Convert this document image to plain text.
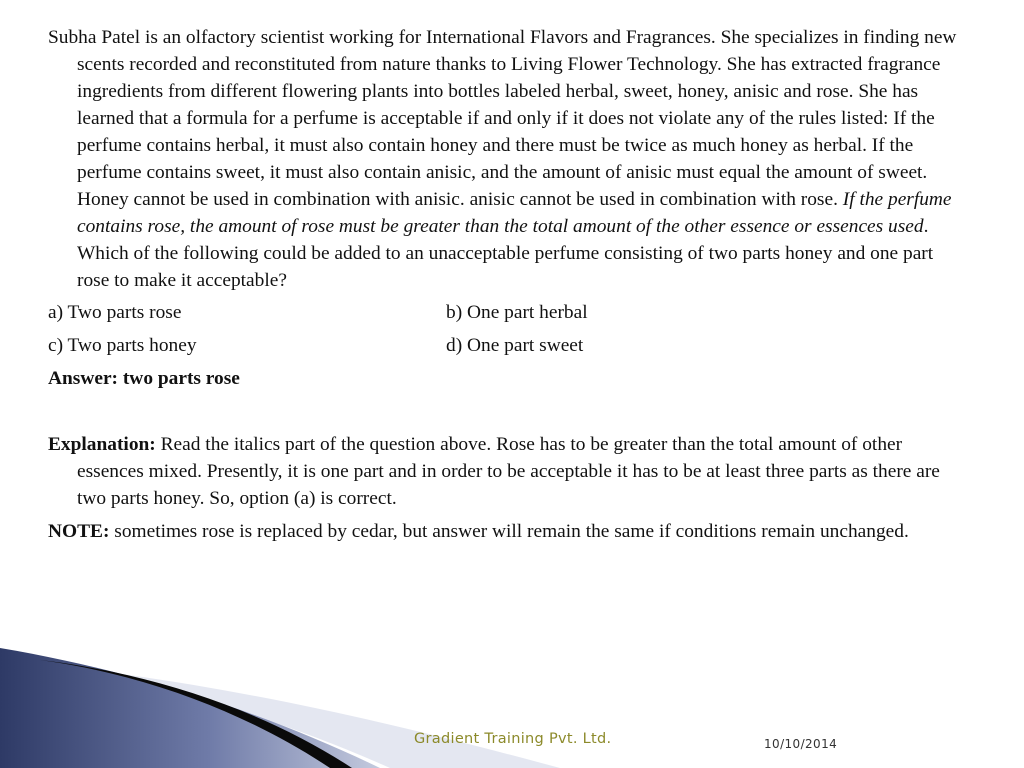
Subha Patel is an olfactory scientist working for International Flavors and Fragrances. She specializes in finding new scents recorded and reconstituted from nature thanks to Living Flower Technology. She has extracted fragrance ingredients from different flowering plants into bottles labeled herbal, sweet, honey, anisic and rose. She has learned that a formula for a perfume is acceptable if and only if it does not violate any of the rules listed: If the perfume contains herbal, it must also contain honey and there must be twice as much honey as herbal. If the perfume contains sweet, it must also contain anisic, and the amount of anisic must equal the amount of sweet. Honey cannot be used in combination with anisic. anisic cannot be used in combination with rose. If the perfume contains rose, the amount of rose must be greater than the total amount of the other essence or essences used. Which of the following could be added to an unacceptable perfume consisting of two parts honey and one part rose to make it acceptable?

a) Two parts rose	b) One part herbal
c) Two parts honey	d) One part sweet

Answer: two parts rose

Explanation: Read the italics part of the question above. Rose has to be greater than the total amount of other essences mixed. Presently, it is one part and in order to be acceptable it has to be at least three parts as there are two parts honey. So, option (a) is correct.

NOTE: sometimes rose is replaced by cedar, but answer will remain the same if conditions remain unchanged.

Gradient Training Pvt. Ltd.	10/10/2014
